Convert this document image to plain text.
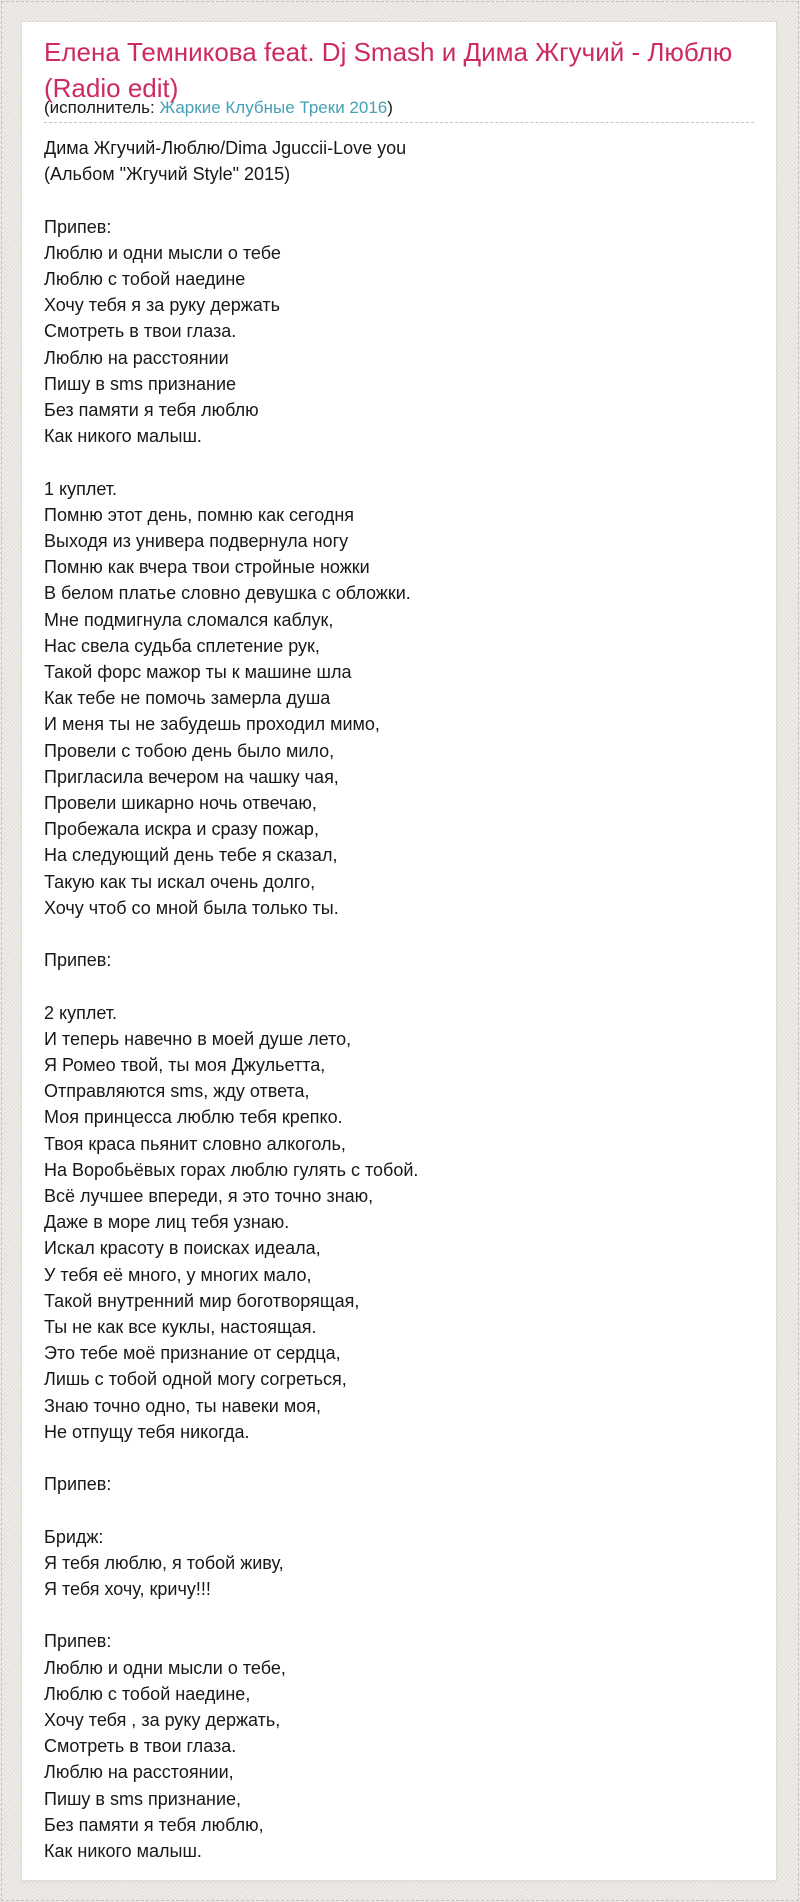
Елена Темникова feat. Dj Smash и Дима Жгучий - Люблю (Radio edit)
(исполнитель: Жаркие Клубные Треки 2016)
Дима Жгучий-Люблю/Dima Jguccii-Love you
(Альбом "Жгучий Style" 2015)
Припев:
Люблю и одни мысли о тебе
Люблю с тобой наедине
Хочу тебя я за руку держать
Смотреть в твои глаза.
Люблю на расстоянии
Пишу в sms признание
Без памяти я тебя люблю
Как никого малыш.
1 куплет.
Помню этот день, помню как сегодня
Выходя из универа подвернула ногу
Помню как вчера твои стройные ножки
В белом платье словно девушка с обложки.
Мне подмигнула сломался каблук,
Нас свела судьба сплетение рук,
Такой форс мажор ты к машине шла
Как тебе не помочь замерла душа
И меня ты не забудешь проходил мимо,
Провели с тобою день было мило,
Пригласила вечером на чашку чая,
Провели шикарно ночь отвечаю,
Пробежала искра и сразу пожар,
На следующий день тебе я сказал,
Такую как ты искал очень долго,
Хочу чтоб со мной была только ты.
Припев:
2 куплет.
И теперь навечно в моей душе лето,
Я Ромео твой, ты моя Джульетта,
Отправляются sms, жду ответа,
Моя принцесса люблю тебя крепко.
Твоя краса пьянит словно алкоголь,
На Воробьёвых горах люблю гулять с тобой.
Всё лучшее впереди, я это точно знаю,
Даже в море лиц тебя узнаю.
Искал красоту в поисках идеала,
У тебя её много, у многих мало,
Такой внутренний мир боготворящая,
Ты не как все куклы, настоящая.
Это тебе моё признание от сердца,
Лишь с тобой одной могу согреться,
Знаю точно одно, ты навеки моя,
Не отпущу тебя никогда.
Припев:
Бридж:
Я тебя люблю, я тобой живу,
Я тебя хочу, кричу!!!
Припев:
Люблю и одни мысли о тебе,
Люблю с тобой наедине,
Хочу тебя , за руку держать,
Смотреть в твои глаза.
Люблю на расстоянии,
Пишу в sms признание,
Без памяти я тебя люблю,
Как никого малыш.
